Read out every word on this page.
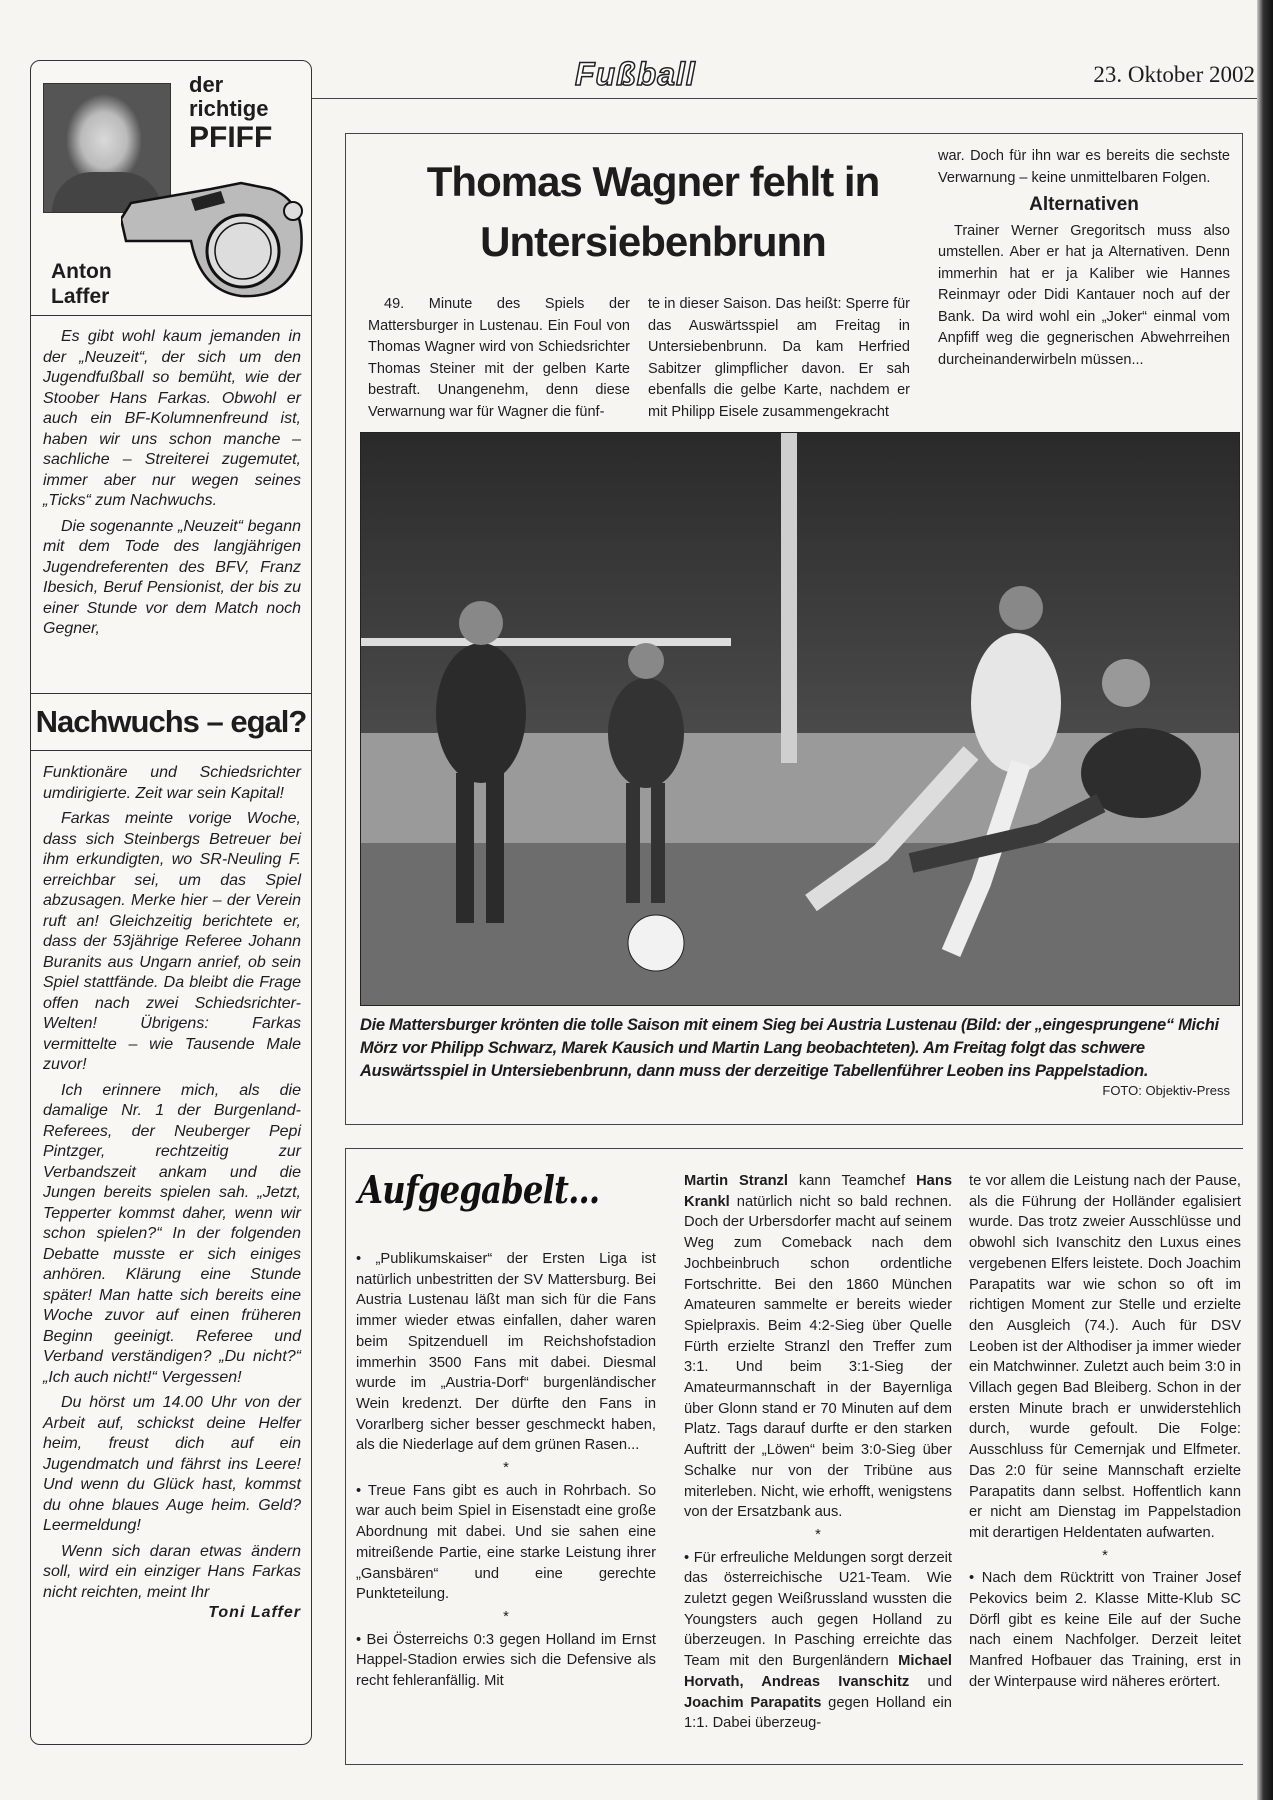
der
richtige
PFIFF
Anton
Laffer

Es gibt wohl kaum jemanden in der „Neuzeit“, der sich um den Jugendfußball so bemüht, wie der Stoober Hans Farkas. Obwohl er auch ein BF-Kolumnenfreund ist, haben wir uns schon manche – sachliche – Streiterei zugemutet, immer aber nur wegen seines „Ticks“ zum Nachwuchs.

Die sogenannte „Neuzeit“ begann mit dem Tode des langjährigen Jugendreferenten des BFV, Franz Ibesich, Beruf Pensionist, der bis zu einer Stunde vor dem Match noch Gegner,

Nachwuchs – egal?

Funktionäre und Schiedsrichter umdirigierte. Zeit war sein Kapital!

Farkas meinte vorige Woche, dass sich Steinbergs Betreuer bei ihm erkundigten, wo SR-Neuling F. erreichbar sei, um das Spiel abzusagen. Merke hier – der Verein ruft an! Gleichzeitig berichtete er, dass der 53jährige Referee Johann Buranits aus Ungarn anrief, ob sein Spiel stattfände. Da bleibt die Frage offen nach zwei Schiedsrichter-Welten! Übrigens: Farkas vermittelte – wie Tausende Male zuvor!

Ich erinnere mich, als die damalige Nr. 1 der Burgenland-Referees, der Neuberger Pepi Pintzger, rechtzeitig zur Verbandszeit ankam und die Jungen bereits spielen sah. „Jetzt, Tepperter kommst daher, wenn wir schon spielen?“ In der folgenden Debatte musste er sich einiges anhören. Klärung eine Stunde später! Man hatte sich bereits eine Woche zuvor auf einen früheren Beginn geeinigt. Referee und Verband verständigen? „Du nicht?“ „Ich auch nicht!“ Vergessen!

Du hörst um 14.00 Uhr von der Arbeit auf, schickst deine Helfer heim, freust dich auf ein Jugendmatch und fährst ins Leere! Und wenn du Glück hast, kommst du ohne blaues Auge heim. Geld? Leermeldung!

Wenn sich daran etwas ändern soll, wird ein einziger Hans Farkas nicht reichten, meint Ihr

Toni Laffer

Fußball	23. Oktober 2002
Thomas Wagner fehlt in Untersiebenbrunn

49. Minute des Spiels der Mattersburger in Lustenau. Ein Foul von Thomas Wagner wird von Schiedsrichter Thomas Steiner mit der gelben Karte bestraft. Unangenehm, denn diese Verwarnung war für Wagner die fünf-

te in dieser Saison. Das heißt: Sperre für das Auswärtsspiel am Freitag in Untersiebenbrunn. Da kam Herfried Sabitzer glimpflicher davon. Er sah ebenfalls die gelbe Karte, nachdem er mit Philipp Eisele zusammengekracht

war. Doch für ihn war es bereits die sechste Verwarnung – keine unmittelbaren Folgen.

Alternativen

Trainer Werner Gregoritsch muss also umstellen. Aber er hat ja Alternativen. Denn immerhin hat er ja Kaliber wie Hannes Reinmayr oder Didi Kantauer noch auf der Bank. Da wird wohl ein „Joker“ einmal vom Anpfiff weg die gegnerischen Abwehrreihen durcheinanderwirbeln müssen...

Die Mattersburger krönten die tolle Saison mit einem Sieg bei Austria Lustenau (Bild: der „eingesprungene“ Michi Mörz vor Philipp Schwarz, Marek Kausich und Martin Lang beobachteten). Am Freitag folgt das schwere Auswärtsspiel in Untersiebenbrunn, dann muss der derzeitige Tabellenführer Leoben ins Pappelstadion.

FOTO: Objektiv-Press
Aufgegabelt...

• „Publikumskaiser“ der Ersten Liga ist natürlich unbestritten der SV Mattersburg. Bei Austria Lustenau läßt man sich für die Fans immer wieder etwas einfallen, daher waren beim Spitzenduell im Reichshofstadion immerhin 3500 Fans mit dabei. Diesmal wurde im „Austria-Dorf“ burgenländischer Wein kredenzt. Der dürfte den Fans in Vorarlberg sicher besser geschmeckt haben, als die Niederlage auf dem grünen Rasen...

*

• Treue Fans gibt es auch in Rohrbach. So war auch beim Spiel in Eisenstadt eine große Abordnung mit dabei. Und sie sahen eine mitreißende Partie, eine starke Leistung ihrer „Gansbären“ und eine gerechte Punkteteilung.

*

• Bei Österreichs 0:3 gegen Holland im Ernst Happel-Stadion erwies sich die Defensive als recht fehleranfällig. Mit

Martin Stranzl kann Teamchef Hans Krankl natürlich nicht so bald rechnen. Doch der Urbersdorfer macht auf seinem Weg zum Comeback nach dem Jochbeinbruch schon ordentliche Fortschritte. Bei den 1860 München Amateuren sammelte er bereits wieder Spielpraxis. Beim 4:2-Sieg über Quelle Fürth erzielte Stranzl den Treffer zum 3:1. Und beim 3:1-Sieg der Amateurmannschaft in der Bayernliga über Glonn stand er 70 Minuten auf dem Platz. Tags darauf durfte er den starken Auftritt der „Löwen“ beim 3:0-Sieg über Schalke nur von der Tribüne aus miterleben. Nicht, wie erhofft, wenigstens von der Ersatzbank aus.

*

• Für erfreuliche Meldungen sorgt derzeit das österreichische U21-Team. Wie zuletzt gegen Weißrussland wussten die Youngsters auch gegen Holland zu überzeugen. In Pasching erreichte das Team mit den Burgenländern Michael Horvath, Andreas Ivanschitz und Joachim Parapatits gegen Holland ein 1:1. Dabei überzeug-

te vor allem die Leistung nach der Pause, als die Führung der Holländer egalisiert wurde. Das trotz zweier Ausschlüsse und obwohl sich Ivanschitz den Luxus eines vergebenen Elfers leistete. Doch Joachim Parapatits war wie schon so oft im richtigen Moment zur Stelle und erzielte den Ausgleich (74.). Auch für DSV Leoben ist der Althodiser ja immer wieder ein Matchwinner. Zuletzt auch beim 3:0 in Villach gegen Bad Bleiberg. Schon in der ersten Minute brach er unwiderstehlich durch, wurde gefoult. Die Folge: Ausschluss für Cemernjak und Elfmeter. Das 2:0 für seine Mannschaft erzielte Parapatits dann selbst. Hoffentlich kann er nicht am Dienstag im Pappelstadion mit derartigen Heldentaten aufwarten.

*

• Nach dem Rücktritt von Trainer Josef Pekovics beim 2. Klasse Mitte-Klub SC Dörfl gibt es keine Eile auf der Suche nach einem Nachfolger. Derzeit leitet Manfred Hofbauer das Training, erst in der Winterpause wird näheres erörtert.
